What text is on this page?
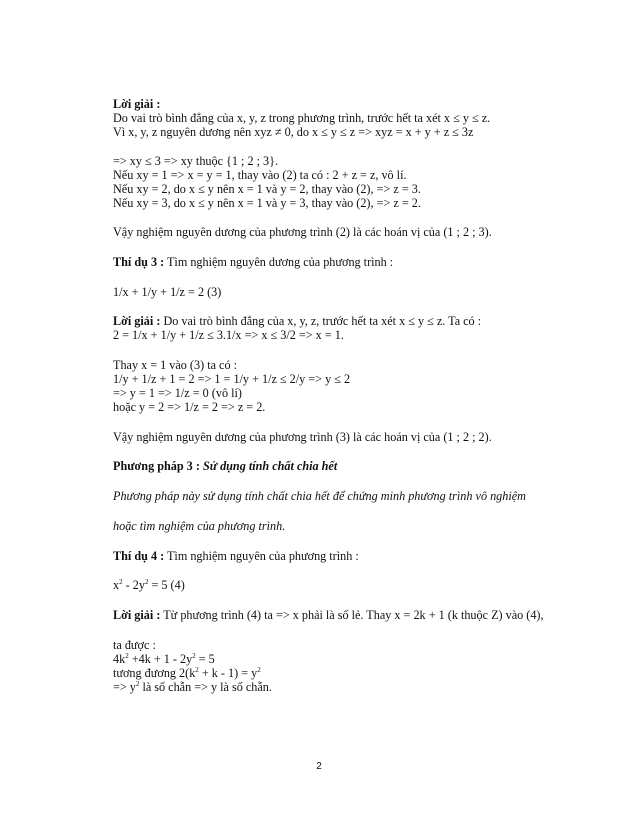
Lời giải :
Do vai trò bình đẳng của x, y, z trong phương trình, trước hết ta xét x ≤ y ≤ z.
Vì x, y, z nguyên dương nên xyz ≠ 0, do x ≤ y ≤ z => xyz = x + y + z ≤ 3z
=> xy ≤ 3 => xy thuộc {1 ; 2 ; 3}.
Nếu xy = 1 => x = y = 1, thay vào (2) ta có : 2 + z = z, vô lí.
Nếu xy = 2, do x ≤ y nên x = 1 và y = 2, thay vào (2), => z = 3.
Nếu xy = 3, do x ≤ y nên x = 1 và y = 3, thay vào (2), => z = 2.
Vậy nghiệm nguyên dương của phương trình (2) là các hoán vị của (1 ; 2 ; 3).
Thí dụ 3 : Tìm nghiệm nguyên dương của phương trình :
1/x + 1/y + 1/z = 2 (3)
Lời giải : Do vai trò bình đẳng của x, y, z, trước hết ta xét x ≤ y ≤ z. Ta có :
2 = 1/x + 1/y + 1/z ≤ 3.1/x => x ≤ 3/2 => x = 1.
Thay x = 1 vào (3) ta có :
1/y + 1/z + 1 = 2 => 1 = 1/y + 1/z ≤ 2/y => y ≤ 2
=> y = 1 => 1/z = 0 (vô lí)
hoặc y = 2 => 1/z = 2 => z = 2.
Vậy nghiệm nguyên dương của phương trình (3) là các hoán vị của (1 ; 2 ; 2).
Phương pháp 3 : Sử dụng tính chất chia hết
Phương pháp này sử dụng tính chất chia hết để chứng minh phương trình vô nghiệm
hoặc tìm nghiệm của phương trình.
Thí dụ 4 : Tìm nghiệm nguyên của phương trình :
$x^2 - 2y^2 = 5$ (4)
Lời giải : Từ phương trình (4) ta => x phải là số lẻ. Thay x = 2k + 1 (k thuộc Z) vào (4),
ta được :
$4k^2 +4k + 1 - 2y^2 = 5$
tương đương $2(k^2 + k - 1) = y^2$
=> $y^2$ là số chẵn => y là số chẵn.
2
